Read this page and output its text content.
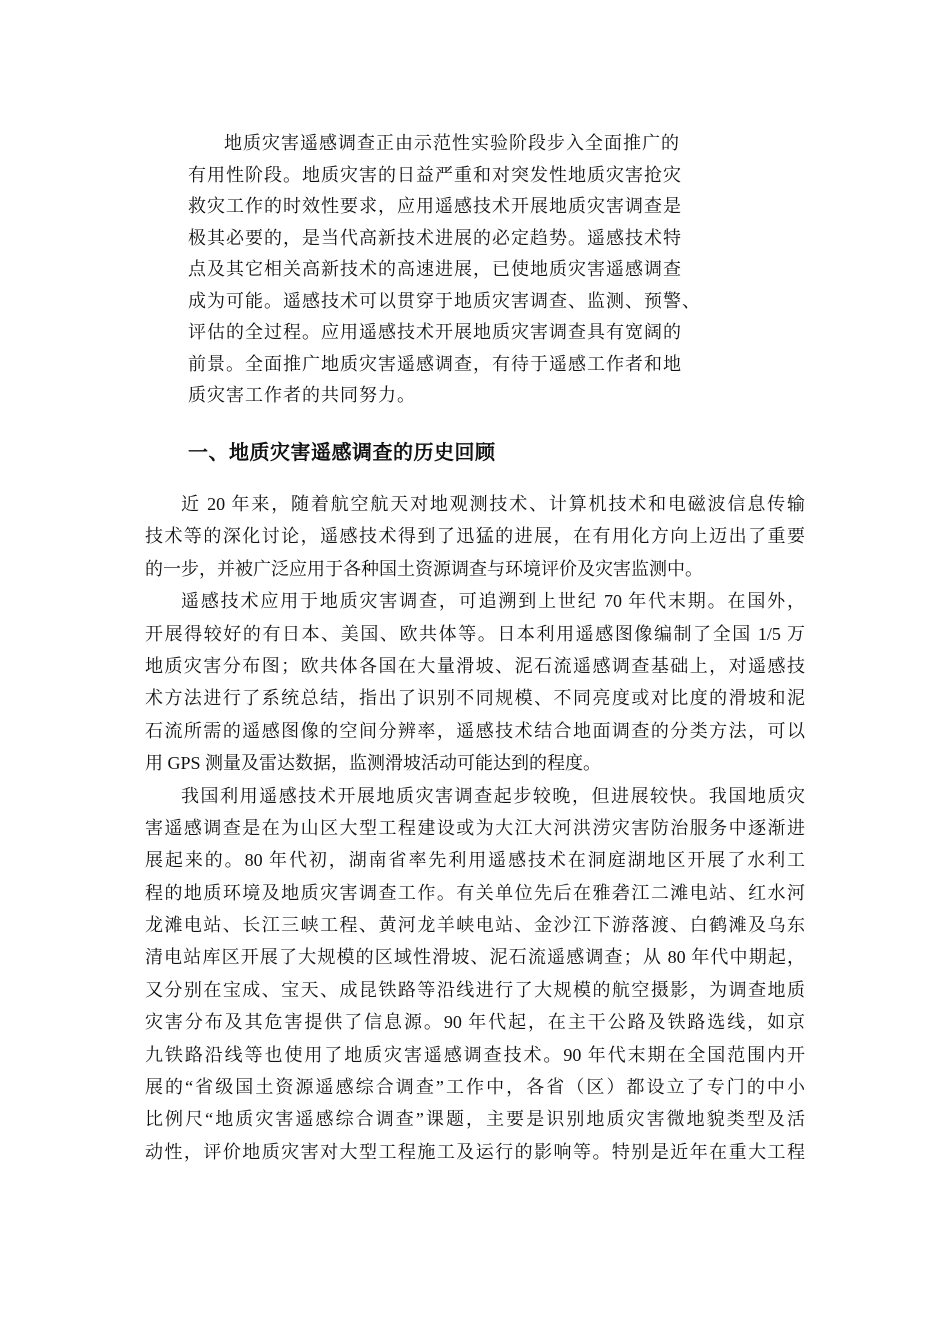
地质灾害遥感调查正由示范性实验阶段步入全面推广的
有用性阶段。地质灾害的日益严重和对突发性地质灾害抢灾
救灾工作的时效性要求，应用遥感技术开展地质灾害调查是
极其必要的，是当代高新技术进展的必定趋势。遥感技术特
点及其它相关高新技术的高速进展，已使地质灾害遥感调查
成为可能。遥感技术可以贯穿于地质灾害调查、监测、预警、
评估的全过程。应用遥感技术开展地质灾害调查具有宽阔的
前景。全面推广地质灾害遥感调查，有待于遥感工作者和地
质灾害工作者的共同努力。
一、地质灾害遥感调查的历史回顾
近 20 年来，随着航空航天对地观测技术、计算机技术和电磁波信息传输
技术等的深化讨论，遥感技术得到了迅猛的进展，在有用化方向上迈出了重要
的一步，并被广泛应用于各种国土资源调查与环境评价及灾害监测中。
遥感技术应用于地质灾害调查，可追溯到上世纪 70 年代末期。在国外，
开展得较好的有日本、美国、欧共体等。日本利用遥感图像编制了全国 1/5 万
地质灾害分布图；欧共体各国在大量滑坡、泥石流遥感调查基础上，对遥感技
术方法进行了系统总结，指出了识别不同规模、不同亮度或对比度的滑坡和泥
石流所需的遥感图像的空间分辨率，遥感技术结合地面调查的分类方法，可以
用 GPS 测量及雷达数据，监测滑坡活动可能达到的程度。
我国利用遥感技术开展地质灾害调查起步较晚，但进展较快。我国地质灾
害遥感调查是在为山区大型工程建设或为大江大河洪涝灾害防治服务中逐渐进
展起来的。80 年代初，湖南省率先利用遥感技术在洞庭湖地区开展了水利工
程的地质环境及地质灾害调查工作。有关单位先后在雅砻江二滩电站、红水河
龙滩电站、长江三峡工程、黄河龙羊峡电站、金沙江下游落渡、白鹤滩及乌东
清电站库区开展了大规模的区域性滑坡、泥石流遥感调查；从 80 年代中期起，
又分别在宝成、宝天、成昆铁路等沿线进行了大规模的航空摄影，为调查地质
灾害分布及其危害提供了信息源。90 年代起，在主干公路及铁路选线，如京
九铁路沿线等也使用了地质灾害遥感调查技术。90 年代末期在全国范围内开
展的“省级国土资源遥感综合调查”工作中，各省（区）都设立了专门的中小
比例尺“地质灾害遥感综合调查”课题，主要是识别地质灾害微地貌类型及活
动性，评价地质灾害对大型工程施工及运行的影响等。特别是近年在重大工程
